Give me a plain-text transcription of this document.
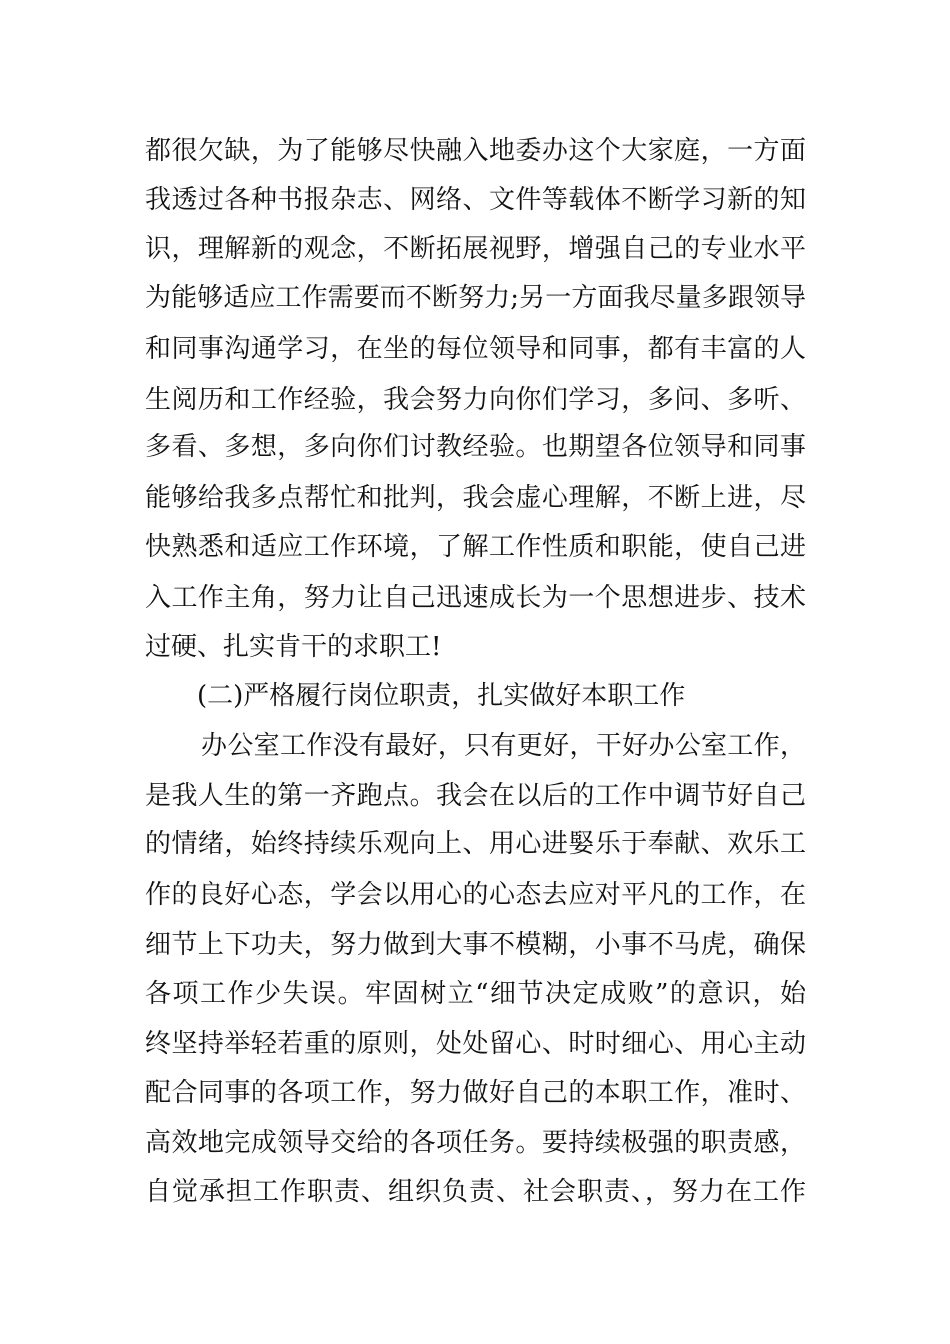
都很欠缺，为了能够尽快融入地委办这个大家庭，一方面
我透过各种书报杂志、网络、文件等载体不断学习新的知
识，理解新的观念，不断拓展视野，增强自己的专业水平
为能够适应工作需要而不断努力;另一方面我尽量多跟领导
和同事沟通学习，在坐的每位领导和同事，都有丰富的人
生阅历和工作经验，我会努力向你们学习，多问、多听、
多看、多想，多向你们讨教经验。也期望各位领导和同事
能够给我多点帮忙和批判，我会虚心理解，不断上进，尽
快熟悉和适应工作环境，了解工作性质和职能，使自己进
入工作主角，努力让自己迅速成长为一个思想进步、技术
过硬、扎实肯干的求职工!
(二)严格履行岗位职责，扎实做好本职工作
办公室工作没有最好，只有更好，干好办公室工作，
是我人生的第一齐跑点。我会在以后的工作中调节好自己
的情绪，始终持续乐观向上、用心进婜乐于奉献、欢乐工
作的良好心态，学会以用心的心态去应对平凡的工作，在
细节上下功夫，努力做到大事不模糊，小事不马虎，确保
各项工作少失误。牢固树立“细节决定成败”的意识，始
终坚持举轻若重的原则，处处留心、时时细心、用心主动
配合同事的各项工作，努力做好自己的本职工作，准时、
高效地完成领导交给的各项任务。要持续极强的职责感，
自觉承担工作职责、组织负责、社会职责、，努力在工作
